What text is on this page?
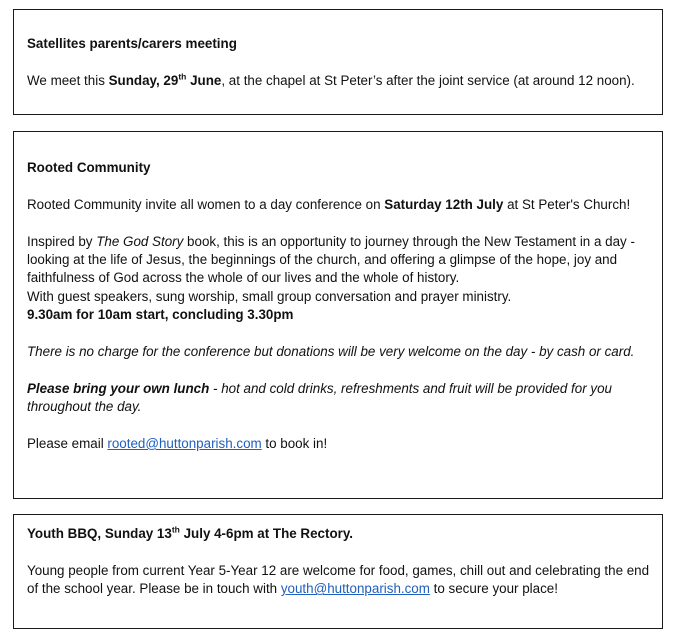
Satellites parents/carers meeting

We meet this Sunday, 29th June, at the chapel at St Peter’s after the joint service (at around 12 noon).

Rooted Community

Rooted Community invite all women to a day conference on Saturday 12th July at St Peter's Church!

Inspired by The God Story book, this is an opportunity to journey through the New Testament in a day - looking at the life of Jesus, the beginnings of the church, and offering a glimpse of the hope, joy and faithfulness of God across the whole of our lives and the whole of history.

With guest speakers, sung worship, small group conversation and prayer ministry.

9.30am for 10am start, concluding 3.30pm

There is no charge for the conference but donations will be very welcome on the day - by cash or card.

Please bring your own lunch - hot and cold drinks, refreshments and fruit will be provided for you throughout the day.

Please email rooted@huttonparish.com to book in!

Youth BBQ, Sunday 13th July 4-6pm at The Rectory.

Young people from current Year 5-Year 12 are welcome for food, games, chill out and celebrating the end of the school year. Please be in touch with youth@huttonparish.com to secure your place!
